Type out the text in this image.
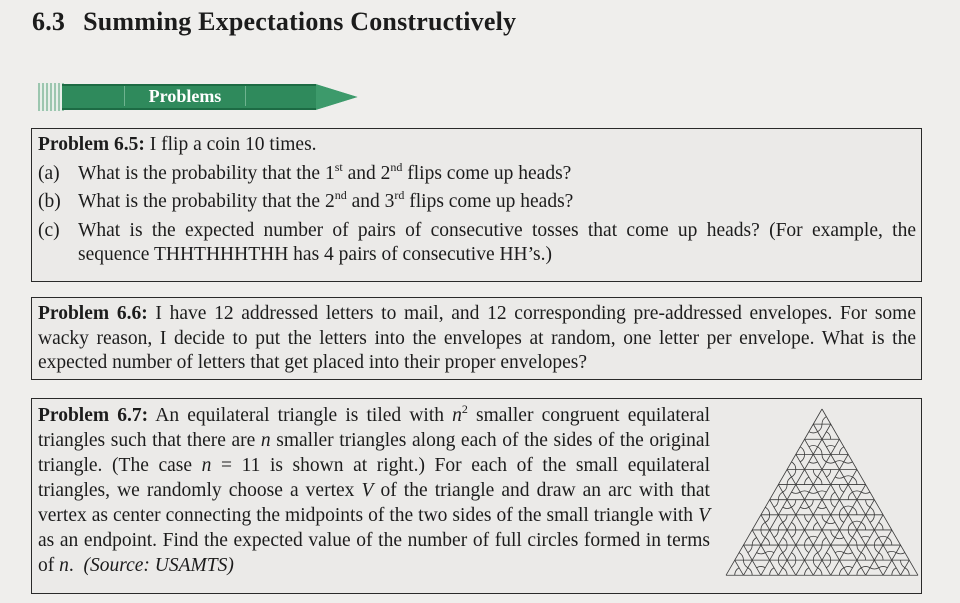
6.3 Summing Expectations Constructively
Problems
Problem 6.5: I flip a coin 10 times.
(a) What is the probability that the 1st and 2nd flips come up heads?
(b) What is the probability that the 2nd and 3rd flips come up heads?
(c) What is the expected number of pairs of consecutive tosses that come up heads? (For example, the sequence THHTHHHTHH has 4 pairs of consecutive HH’s.)
Problem 6.6: I have 12 addressed letters to mail, and 12 corresponding pre-addressed envelopes. For some wacky reason, I decide to put the letters into the envelopes at random, one letter per envelope. What is the expected number of letters that get placed into their proper envelopes?
Problem 6.7: An equilateral triangle is tiled with $n^2$ smaller congruent equilateral triangles such that there are n smaller triangles along each of the sides of the original triangle. (The case n = 11 is shown at right.) For each of the small equilateral triangles, we randomly choose a vertex V of the triangle and draw an arc with that vertex as center connecting the midpoints of the two sides of the small triangle with V as an endpoint. Find the expected value of the number of full circles formed in terms of n. (Source: USAMTS)
